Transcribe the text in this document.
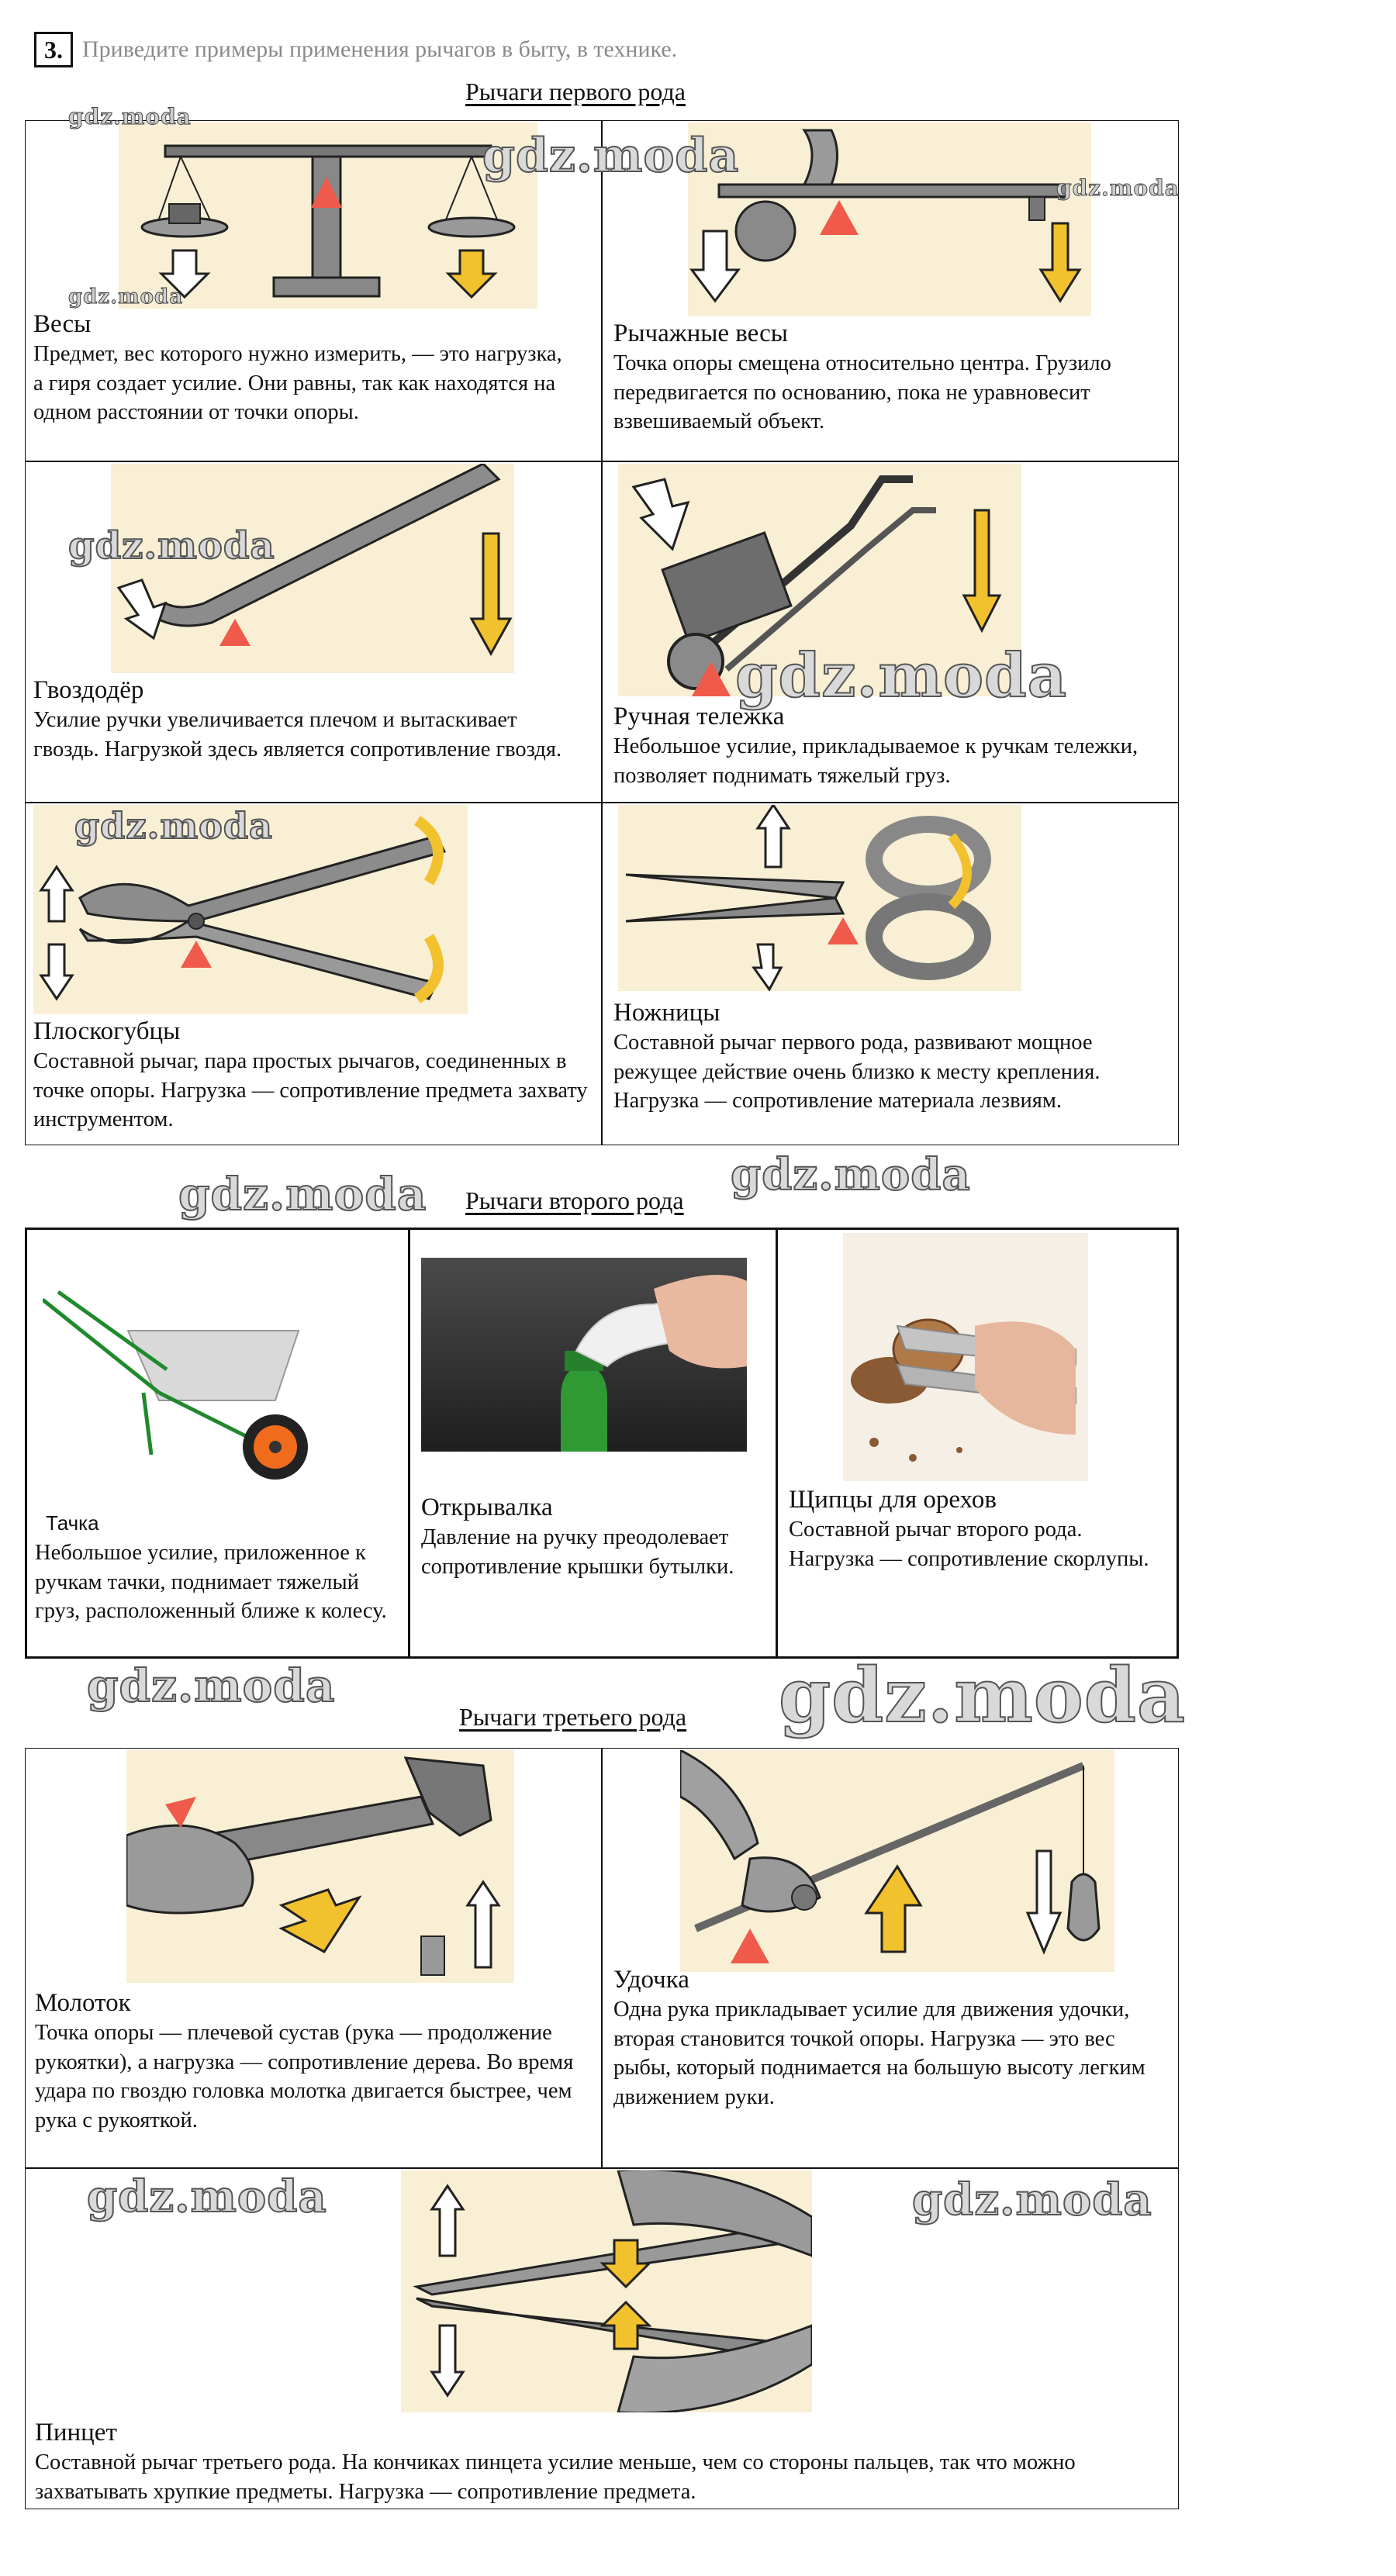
3. Приведите примеры применения рычагов в быту, в технике.
Рычаги первого рода
Весы
Предмет, вес которого нужно измерить, — это нагрузка, а гиря создает усилие. Они равны, так как находятся на одном расстоянии от точки опоры.
Рычажные весы
Точка опоры смещена относительно центра. Грузило передвигается по основанию, пока не уравновесит взвешиваемый объект.
Гвоздодёр
Усилие ручки увеличивается плечом и вытаскивает гвоздь. Нагрузкой здесь является сопротивление гвоздя.
Ручная тележка
Небольшое усилие, прикладываемое к ручкам тележки, позволяет поднимать тяжелый груз.
Плоскогубцы
Составной рычаг, пара простых рычагов, соединенных в точке опоры. Нагрузка — сопротивление предмета захвату инструментом.
Ножницы
Составной рычаг первого рода, развивают мощное режущее действие очень близко к месту крепления. Нагрузка — сопротивление материала лезвиям.
Рычаги второго рода
Тачка
Небольшое усилие, приложенное к ручкам тачки, поднимает тяжелый груз, расположенный ближе к колесу.
Открывалка
Давление на ручку преодолевает сопротивление крышки бутылки.
Щипцы для орехов
Составной рычаг второго рода. Нагрузка — сопротивление скорлупы.
Рычаги третьего рода
Молоток
Точка опоры — плечевой сустав (рука — продолжение рукоятки), а нагрузка — сопротивление дерева. Во время удара по гвоздю головка молотка двигается быстрее, чем рука с рукояткой.
Удочка
Одна рука прикладывает усилие для движения удочки, вторая становится точкой опоры. Нагрузка — это вес рыбы, который поднимается на большую высоту легким движением руки.
Пинцет
Составной рычаг третьего рода. На кончиках пинцета усилие меньше, чем со стороны пальцев, так что можно захватывать хрупкие предметы. Нагрузка — сопротивление предмета.
gdz.moda
gdz.moda
gdz.moda
gdz.moda
gdz.moda
gdz.moda
gdz.moda
gdz.moda	gdz.moda
gdz.moda	gdz.moda
gdz.moda	gdz.moda
